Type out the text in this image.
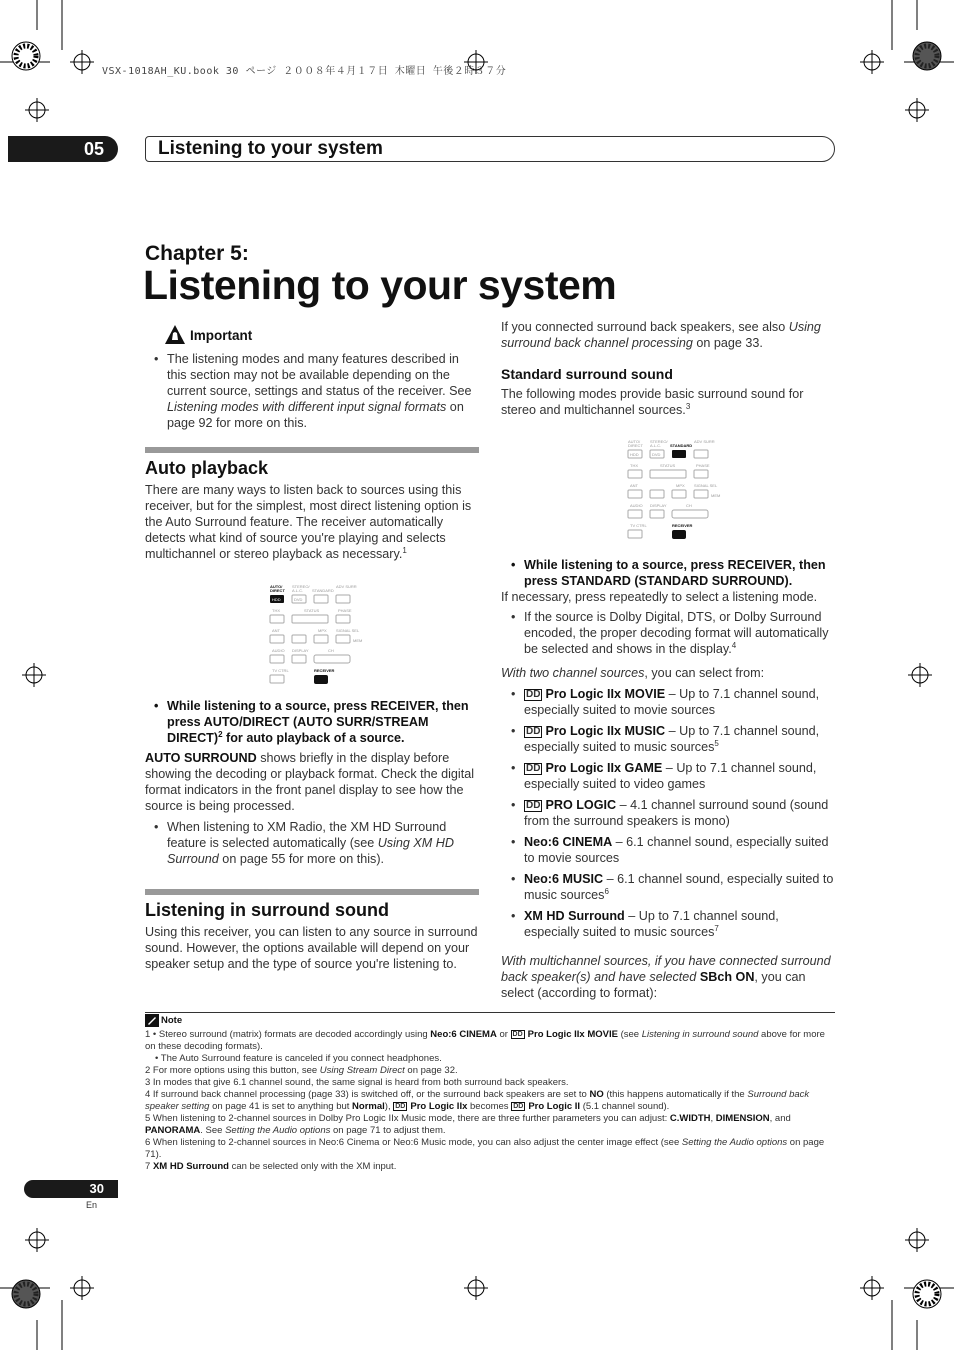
VSX-1018AH_KU.book 30 ページ ２００８年４月１７日 木曜日 午後２時３７分
05	Listening to your system
Chapter 5:
Listening to your system
Important
• The listening modes and many features described in this section may not be available depending on the current source, settings and status of the receiver. See Listening modes with different input signal formats on page 92 for more on this.
Auto playback
There are many ways to listen back to sources using this receiver, but for the simplest, most direct listening option is the Auto Surround feature. The receiver automatically detects what kind of source you're playing and selects multichannel or stereo playback as necessary.$^1$
AUTO/
DIRECT
STEREO/
A.L.C. STANDARD
ADV SURR
HDD	DVD
THX	STATUS	PHASE
ANT	MPX SIGNAL SEL
MEM
AUDIO DISPLAY	CH
TV CTRL	RECEIVER
• While listening to a source, press RECEIVER, then press AUTO/DIRECT (AUTO SURR/STREAM DIRECT)$^2$ for auto playback of a source.
AUTO SURROUND shows briefly in the display before showing the decoding or playback format. Check the digital format indicators in the front panel display to see how the source is being processed.
• When listening to XM Radio, the XM HD Surround feature is selected automatically (see Using XM HD Surround on page 55 for more on this).
Listening in surround sound
Using this receiver, you can listen to any source in surround sound. However, the options available will depend on your speaker setup and the type of source you're listening to.
If you connected surround back speakers, see also Using surround back channel processing on page 33.
Standard surround sound
The following modes provide basic surround sound for stereo and multichannel sources.$^3$
AUTO/
DIRECT
STEREO/
A.L.C. STANDARD
ADV SURR
HDD	DVD
THX	STATUS	PHASE
ANT	MPX SIGNAL SEL
MEM
AUDIO DISPLAY	CH
TV CTRL	RECEIVER
• While listening to a source, press RECEIVER, then press STANDARD (STANDARD SURROUND).
If necessary, press repeatedly to select a listening mode.
• If the source is Dolby Digital, DTS, or Dolby Surround encoded, the proper decoding format will automatically be selected and shows in the display.$^4$
With two channel sources, you can select from:
• DD Pro Logic IIx MOVIE – Up to 7.1 channel sound, especially suited to movie sources
• DD Pro Logic IIx MUSIC – Up to 7.1 channel sound, especially suited to music sources$^5$
• DD Pro Logic IIx GAME – Up to 7.1 channel sound, especially suited to video games
• DD PRO LOGIC – 4.1 channel surround sound (sound from the surround speakers is mono)
• Neo:6 CINEMA – 6.1 channel sound, especially suited to movie sources
• Neo:6 MUSIC – 6.1 channel sound, especially suited to music sources$^6$
• XM HD Surround – Up to 7.1 channel sound, especially suited to music sources$^7$
With multichannel sources, if you have connected surround back speaker(s) and have selected SBch ON, you can select (according to format):
Note

1 • Stereo surround (matrix) formats are decoded accordingly using Neo:6 CINEMA or DD Pro Logic IIx MOVIE (see Listening in surround sound above for more on these decoding formats).

• The Auto Surround feature is canceled if you connect headphones.

2 For more options using this button, see Using Stream Direct on page 32.

3 In modes that give 6.1 channel sound, the same signal is heard from both surround back speakers.

4 If surround back channel processing (page 33) is switched off, or the surround back speakers are set to NO (this happens automatically if the Surround back speaker setting on page 41 is set to anything but Normal), DD Pro Logic IIx becomes DD Pro Logic II (5.1 channel sound).

5 When listening to 2-channel sources in Dolby Pro Logic IIx Music mode, there are three further parameters you can adjust: C.WIDTH, DIMENSION, and PANORAMA. See Setting the Audio options on page 71 to adjust them.

6 When listening to 2-channel sources in Neo:6 Cinema or Neo:6 Music mode, you can also adjust the center image effect (see Setting the Audio options on page 71).

7 XM HD Surround can be selected only with the XM input.

30
En
